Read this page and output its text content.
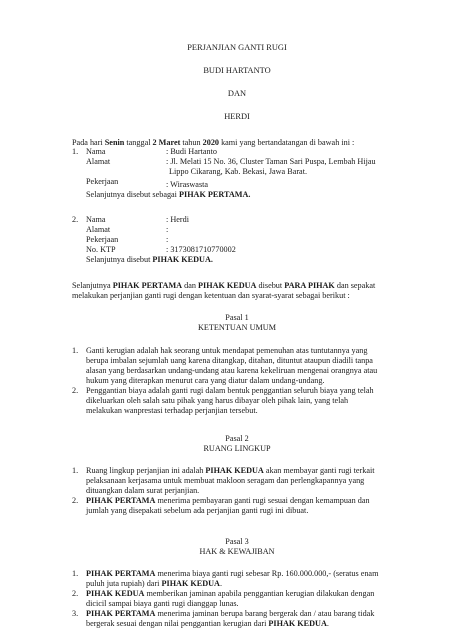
PERJANJIAN GANTI RUGI
BUDI HARTANTO
DAN
HERDI
Pada hari Senin tanggal 2 Maret tahun 2020 kami yang bertandatangan di bawah ini :
1. Nama	: Budi Hartanto
Alamat	: Jl. Melati 15 No. 36, Cluster Taman Sari Puspa, Lembah Hijau
Lippo Cikarang, Kab. Bekasi, Jawa Barat.
Pekerjaan	: Wiraswasta
Selanjutnya disebut sebagai PIHAK PERTAMA.
2. Nama	: Herdi
Alamat	:
Pekerjaan	:
No. KTP	: 3173081710770002
Selanjutnya disebut PIHAK KEDUA.
Selanjutnya PIHAK PERTAMA dan PIHAK KEDUA disebut PARA PIHAK dan sepakat
melakukan perjanjian ganti rugi dengan ketentuan dan syarat-syarat sebagai berikut :
Pasal 1
KETENTUAN UMUM
1. Ganti kerugian adalah hak seorang untuk mendapat pemenuhan atas tuntutannya yang
berupa imbalan sejumlah uang karena ditangkap, ditahan, dituntut ataupun diadili tanpa
alasan yang berdasarkan undang-undang atau karena kekeliruan mengenai orangnya atau
hukum yang diterapkan menurut cara yang diatur dalam undang-undang.
2. Penggantian biaya adalah ganti rugi dalam bentuk penggantian seluruh biaya yang telah
dikeluarkan oleh salah satu pihak yang harus dibayar oleh pihak lain, yang telah
melakukan wanprestasi terhadap perjanjian tersebut.
Pasal 2
RUANG LINGKUP
1. Ruang lingkup perjanjian ini adalah PIHAK KEDUA akan membayar ganti rugi terkait
pelaksanaan kerjasama untuk membuat makloon seragam dan perlengkapannya yang
dituangkan dalam surat perjanjian.
2. PIHAK PERTAMA menerima pembayaran ganti rugi sesuai dengan kemampuan dan
jumlah yang disepakati sebelum ada perjanjian ganti rugi ini dibuat.
Pasal 3
HAK & KEWAJIBAN
1. PIHAK PERTAMA menerima biaya ganti rugi sebesar Rp. 160.000.000,- (seratus enam
puluh juta rupiah) dari PIHAK KEDUA.
2. PIHAK KEDUA memberikan jaminan apabila penggantian kerugian dilakukan dengan
dicicil sampai biaya ganti rugi dianggap lunas.
3. PIHAK PERTAMA menerima jaminan berupa barang bergerak dan / atau barang tidak
bergerak sesuai dengan nilai penggantian kerugian dari PIHAK KEDUA.
